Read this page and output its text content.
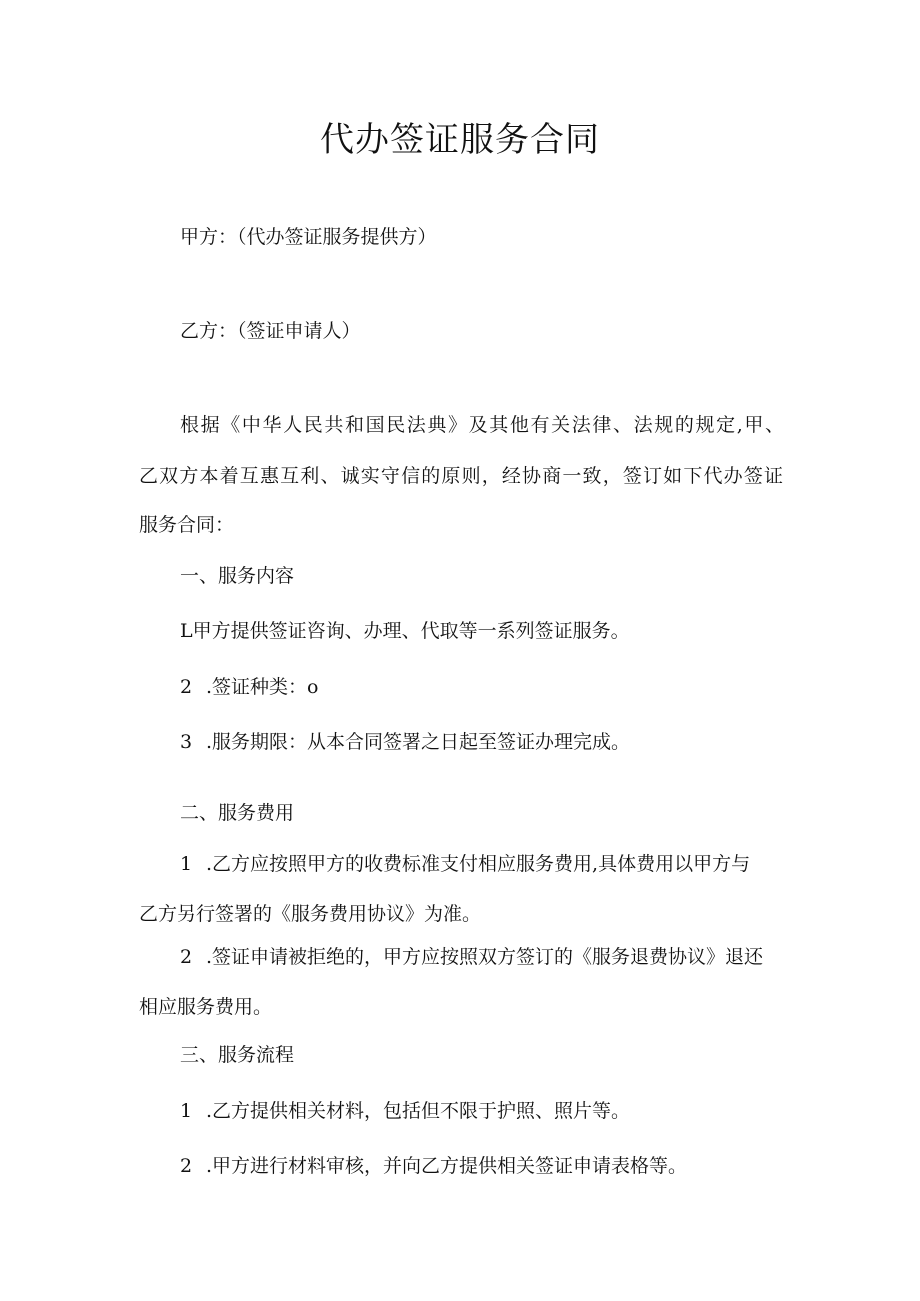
代办签证服务合同

甲方：（代办签证服务提供方）

乙方：（签证申请人）

根据《中华人民共和国民法典》及其他有关法律、法规的规定,甲、

乙双方本着互惠互利、诚实守信的原则，经协商一致，签订如下代办签证

服务合同：

一、服务内容

L甲方提供签证咨询、办理、代取等一系列签证服务。

2 .签证种类：o

3 .服务期限：从本合同签署之日起至签证办理完成。

二、服务费用

1 .乙方应按照甲方的收费标准支付相应服务费用,具体费用以甲方与

乙方另行签署的《服务费用协议》为准。

2 .签证申请被拒绝的，甲方应按照双方签订的《服务退费协议》退还

相应服务费用。

三、服务流程

1 .乙方提供相关材料，包括但不限于护照、照片等。

2 .甲方进行材料审核，并向乙方提供相关签证申请表格等。
